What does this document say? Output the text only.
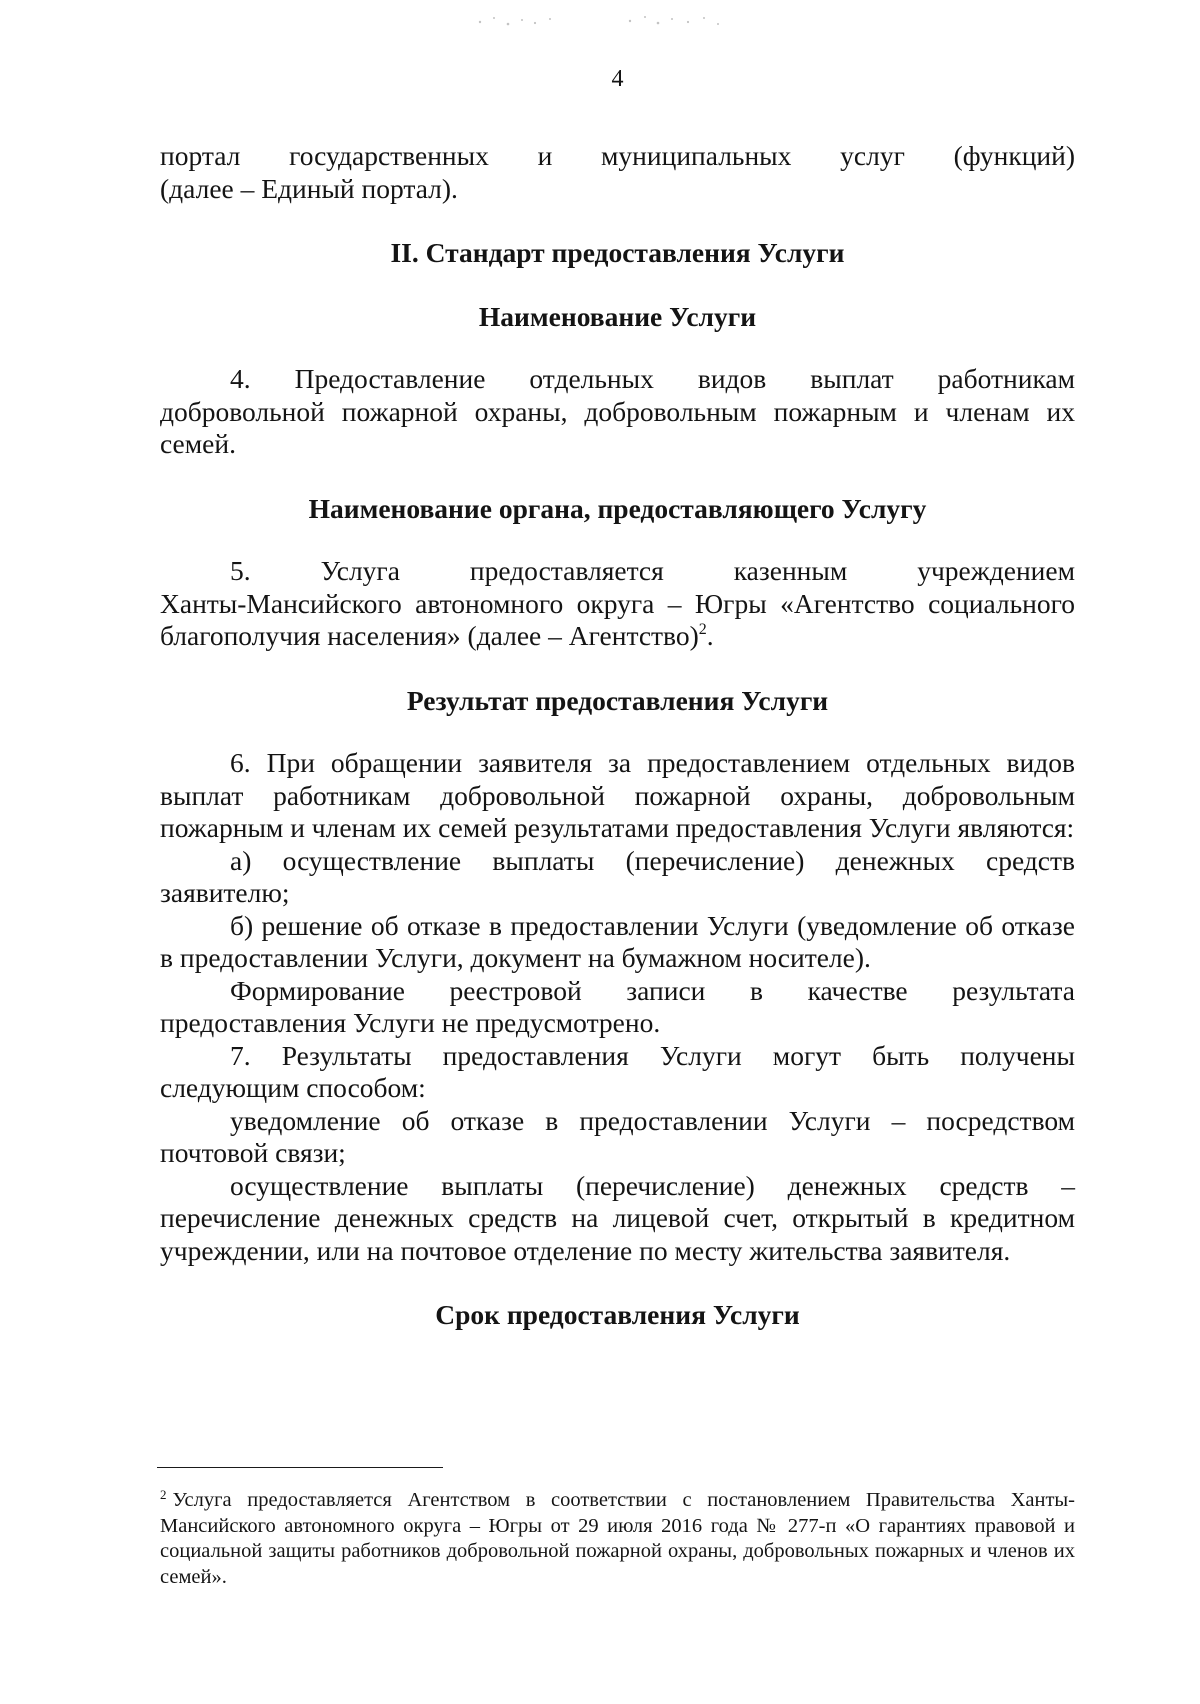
4

портал государственных и муниципальных услуг (функций)

(далее – Единый портал).

II. Стандарт предоставления Услуги
Наименование Услуги

4. Предоставление отдельных видов выплат работникам

добровольной пожарной охраны, добровольным пожарным и членам их семей.

Наименование органа, предоставляющего Услугу

5. Услуга предоставляется казенным учреждением

Ханты-Мансийского автономного округа – Югры «Агентство социального благополучия населения» (далее – Агентство)$^2$.

Результат предоставления Услуги

6. При обращении заявителя за предоставлением отдельных видов выплат работникам добровольной пожарной охраны, добровольным пожарным и членам их семей результатами предоставления Услуги являются:

а) осуществление выплаты (перечисление) денежных средств заявителю;

б) решение об отказе в предоставлении Услуги (уведомление об отказе в предоставлении Услуги, документ на бумажном носителе).

Формирование реестровой записи в качестве результата предоставления Услуги не предусмотрено.

7. Результаты предоставления Услуги могут быть получены следующим способом:

уведомление об отказе в предоставлении Услуги – посредством почтовой связи;

осуществление выплаты (перечисление) денежных средств – перечисление денежных средств на лицевой счет, открытый в кредитном учреждении, или на почтовое отделение по месту жительства заявителя.

Срок предоставления Услуги

$^2$ Услуга предоставляется Агентством в соответствии с постановлением Правительства Ханты-Мансийского автономного округа – Югры от 29 июля 2016 года № 277-п «О гарантиях правовой и социальной защиты работников добровольной пожарной охраны, добровольных пожарных и членов их семей».
